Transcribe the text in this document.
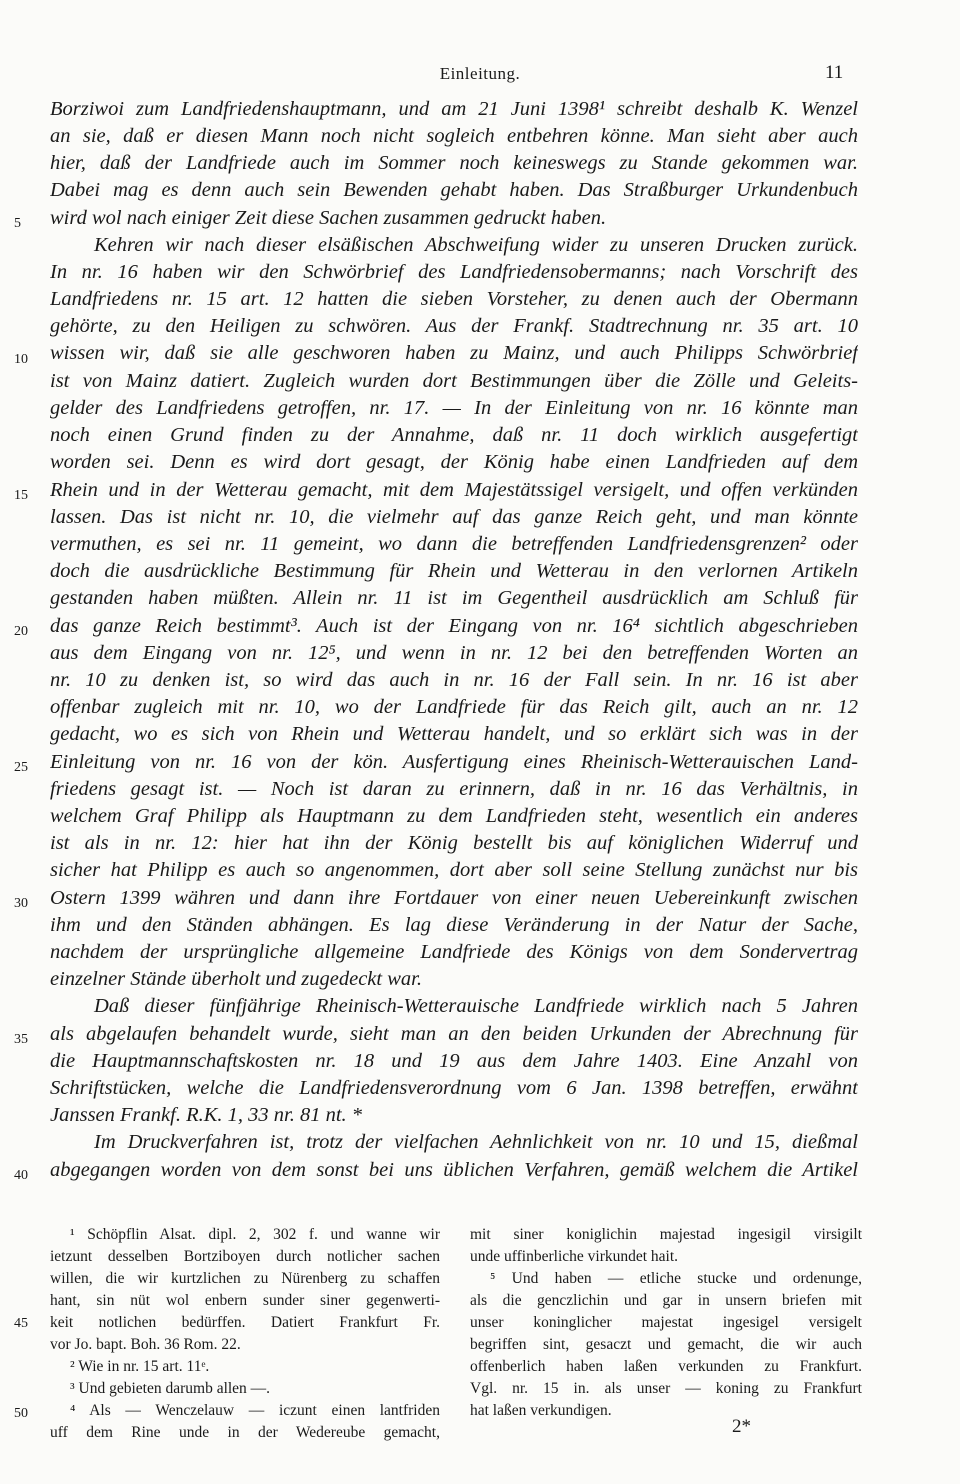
Einleitung.	11
Borziwoi zum Landfriedenshauptmann, und am 21 Juni 1398¹ schreibt deshalb K. Wenzel
an sie, daß er diesen Mann noch nicht sogleich entbehren könne. Man sieht aber auch
hier, daß der Landfriede auch im Sommer noch keineswegs zu Stande gekommen war.
Dabei mag es denn auch sein Bewenden gehabt haben. Das Straßburger Urkundenbuch
wird wol nach einiger Zeit diese Sachen zusammen gedruckt haben.
Kehren wir nach dieser elsäßischen Abschweifung wider zu unseren Drucken zurück.
In nr. 16 haben wir den Schwörbrief des Landfriedensobermanns; nach Vorschrift des
Landfriedens nr. 15 art. 12 hatten die sieben Vorsteher, zu denen auch der Obermann
gehörte, zu den Heiligen zu schwören. Aus der Frankf. Stadtrechnung nr. 35 art. 10
wissen wir, daß sie alle geschworen haben zu Mainz, und auch Philipps Schwörbrief
ist von Mainz datiert. Zugleich wurden dort Bestimmungen über die Zölle und Geleits-
gelder des Landfriedens getroffen, nr. 17. — In der Einleitung von nr. 16 könnte man
noch einen Grund finden zu der Annahme, daß nr. 11 doch wirklich ausgefertigt
worden sei. Denn es wird dort gesagt, der König habe einen Landfrieden auf dem
Rhein und in der Wetterau gemacht, mit dem Majestätssigel versigelt, und offen verkünden
lassen. Das ist nicht nr. 10, die vielmehr auf das ganze Reich geht, und man könnte
vermuthen, es sei nr. 11 gemeint, wo dann die betreffenden Landfriedensgrenzen² oder
doch die ausdrückliche Bestimmung für Rhein und Wetterau in den verlornen Artikeln
gestanden haben müßten. Allein nr. 11 ist im Gegentheil ausdrücklich am Schluß für
das ganze Reich bestimmt³. Auch ist der Eingang von nr. 16⁴ sichtlich abgeschrieben
aus dem Eingang von nr. 12⁵, und wenn in nr. 12 bei den betreffenden Worten an
nr. 10 zu denken ist, so wird das auch in nr. 16 der Fall sein. In nr. 16 ist aber
offenbar zugleich mit nr. 10, wo der Landfriede für das Reich gilt, auch an nr. 12
gedacht, wo es sich von Rhein und Wetterau handelt, und so erklärt sich was in der
Einleitung von nr. 16 von der kön. Ausfertigung eines Rheinisch-Wetterauischen Land-
friedens gesagt ist. — Noch ist daran zu erinnern, daß in nr. 16 das Verhältnis, in
welchem Graf Philipp als Hauptmann zu dem Landfrieden steht, wesentlich ein anderes
ist als in nr. 12: hier hat ihn der König bestellt bis auf königlichen Widerruf und
sicher hat Philipp es auch so angenommen, dort aber soll seine Stellung zunächst nur bis
Ostern 1399 währen und dann ihre Fortdauer von einer neuen Uebereinkunft zwischen
ihm und den Ständen abhängen. Es lag diese Veränderung in der Natur der Sache,
nachdem der ursprüngliche allgemeine Landfriede des Königs von dem Sondervertrag
einzelner Stände überholt und zugedeckt war.
Daß dieser fünfjährige Rheinisch-Wetterauische Landfriede wirklich nach 5 Jahren
als abgelaufen behandelt wurde, sieht man an den beiden Urkunden der Abrechnung für
die Hauptmannschaftskosten nr. 18 und 19 aus dem Jahre 1403. Eine Anzahl von
Schriftstücken, welche die Landfriedensverordnung vom 6 Jan. 1398 betreffen, erwähnt
Janssen Frankf. R.K. 1, 33 nr. 81 nt. *
Im Druckverfahren ist, trotz der vielfachen Aehnlichkeit von nr. 10 und 15, dießmal
abgegangen worden von dem sonst bei uns üblichen Verfahren, gemäß welchem die Artikel
5
10
15
20
25
30
35
40
45
50
¹ Schöpflin Alsat. dipl. 2, 302 f. und wanne wir
ietzunt desselben Bortziboyen durch notlicher sachen
willen, die wir kurtzlichen zu Nürenberg zu schaffen
hant, sin nüt wol enbern sunder siner gegenwerti-
keit notlichen bedürffen. Datiert Frankfurt Fr.
vor Jo. bapt. Boh. 36 Rom. 22.
² Wie in nr. 15 art. 11ᵉ.
³ Und gebieten darumb allen —.
⁴ Als — Wenczelauw — iczunt einen lantfriden
uff dem Rine unde in der Wedereube gemacht,
mit siner koniglichin majestad ingesigil virsigilt
unde uffinberliche virkundet hait.
⁵ Und haben — etliche stucke und ordenunge,
als die genczlichin und gar in unsern briefen mit
unser koninglicher majestat ingesigel versigelt
begriffen sint, gesaczt und gemacht, die wir auch
offenberlich haben laßen verkunden zu Frankfurt.
Vgl. nr. 15 in. als unser — koning zu Frankfurt
hat laßen verkundigen.
2*
